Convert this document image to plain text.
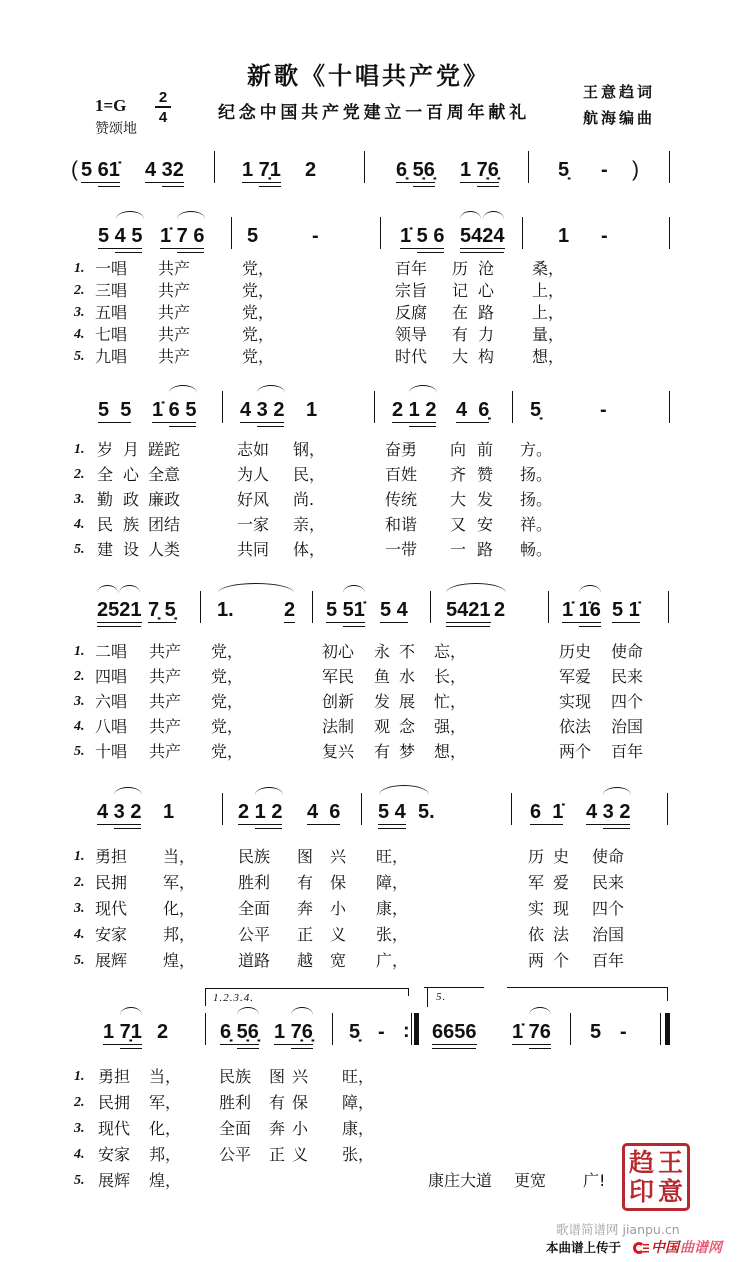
新歌《十唱共产党》
纪念中国共产党建立一百周年献礼
1=G 2
4
赞颂地
王意趋词
航海编曲
( 5 61̇ 4 32	1 7̣1 2	6̣ 5̣6̣ 1 7̣6̣	5̣ - )
5 4 5 1̇ 7 6 5	-	1̇ 5 6 5424	1 -
1. 一唱 共产	党，	百年 历 沧 桑，
2. 三唱 共产	党，	宗旨 记 心 上，
3. 五唱 共产	党，	反腐 在 路 上，
4. 七唱 共产	党，	领导 有 力 量，
5. 九唱 共产	党，	时代 大 构 想，
5  5 1̇ 6 5 4 3 2 1	2 1 2 4  6̣ 5̣	-
1. 岁 月 蹉跎	志如 钢，	奋勇 向 前 方。
2. 全 心 全意	为人 民，	百姓 齐 赞 扬。
3. 勤 政 廉政	好风 尚.	传统 大 发 扬。
4. 民 族 团结	一家 亲，	和谐 又 安 祥。
5. 建 设 人类	共同 体，	一带 一 路 畅。
2521 7̣ 5̣ 1.	2 5 51̇ 5 4 5421 2	1̇ 1̇6 5 1̇
1. 二唱 共产 党，	初心 永 不 忘，	历史 使命
2. 四唱 共产 党，	军民 鱼 水 长，	军爱 民来
3. 六唱 共产 党，	创新 发 展 忙，	实现 四个
4. 八唱 共产 党，	法制 观 念 强，	依法 治国
5. 十唱 共产 党，	复兴 有 梦 想，	两个 百年
4 3 2 1	2 1 2 4  6 5 4 5.	6  1̇ 4 3 2
1. 勇担 当，	民族 图 兴 旺，	历 史 使命
2. 民拥 军，	胜利 有 保 障，	军 爱 民来
3. 现代 化，	全面 奔 小 康，	实 现 四个
4. 安家 邦，	公平 正 义 张，	依 法 治国
5. 展辉 煌，	道路 越 宽 广，	两 个 百年
1.2.3.4.	5.
1 7̣1 2	6̣ 5̣6̣ 1 7̣6̣ 5̣ - : 6656 1̇ 76 5 -
1. 勇担 当， 民族 图 兴 旺，
2. 民拥 军， 胜利 有 保 障，
3. 现代 化， 全面 奔 小 康，
4. 安家 邦， 公平 正 义 张，
5. 展辉 煌，	康庄大道 更宽 广!
王
意
趋
印
歌谱简谱网 jianpu.cn
本曲谱上传于 中国 曲谱网
